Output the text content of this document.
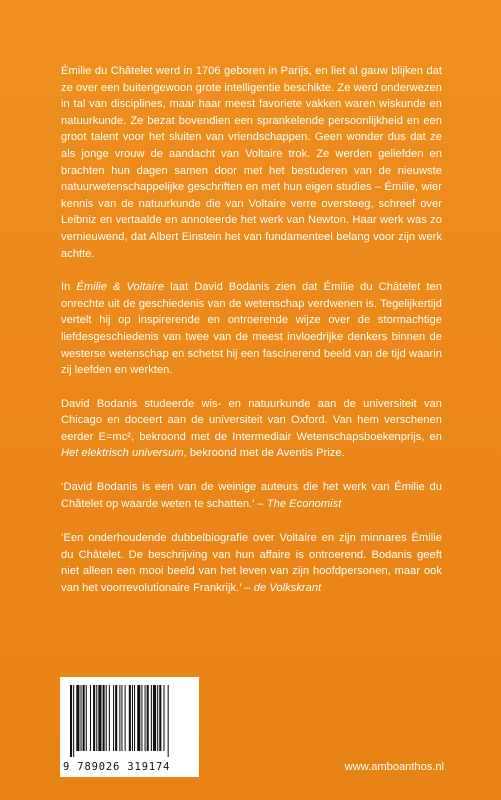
Émilie du Châtelet werd in 1706 geboren in Parijs, en liet al gauw blijken dat ze over een buitengewoon grote intelligentie beschikte. Ze werd onderwezen in tal van disciplines, maar haar meest favoriete vakken waren wiskunde en natuurkunde. Ze bezat bovendien een sprankelende persoonlijkheid en een groot talent voor het sluiten van vriendschappen. Geen wonder dus dat ze als jonge vrouw de aandacht van Voltaire trok. Ze werden geliefden en brachten hun dagen samen door met het bestuderen van de nieuwste natuurwetenschappelijke geschriften en met hun eigen studies – Émilie, wier kennis van de natuurkunde die van Voltaire verre oversteeg, schreef over Leibniz en vertaalde en annoteerde het werk van Newton. Haar werk was zo vernieuwend, dat Albert Einstein het van fundamenteel belang voor zijn werk achtte.

In Émilie & Voltaire laat David Bodanis zien dat Émilie du Châtelet ten onrechte uit de geschiedenis van de wetenschap verdwenen is. Tegelijkertijd vertelt hij op inspirerende en ontroerende wijze over de stormachtige liefdesgeschiedenis van twee van de meest invloedrijke denkers binnen de westerse wetenschap en schetst hij een fascinerend beeld van de tijd waarin zij leefden en werkten.

David Bodanis studeerde wis- en natuurkunde aan de universiteit van Chicago en doceert aan de universiteit van Oxford. Van hem verschenen eerder E=mc², bekroond met de Intermediair Wetenschapsboekenprijs, en Het elektrisch universum, bekroond met de Aventis Prize.

‘David Bodanis is een van de weinige auteurs die het werk van Émilie du Châtelet op waarde weten te schatten.’ – The Economist

‘Een onderhoudende dubbelbiografie over Voltaire en zijn minnares Émilie du Châtelet. De beschrijving van hun affaire is ontroerend. Bodanis geeft niet alleen een mooi beeld van het leven van zijn hoofdpersonen, maar ook van het voorrevolutionaire Frankrijk.’ – de Volkskrant

9 789026 319174	www.amboanthos.nl
